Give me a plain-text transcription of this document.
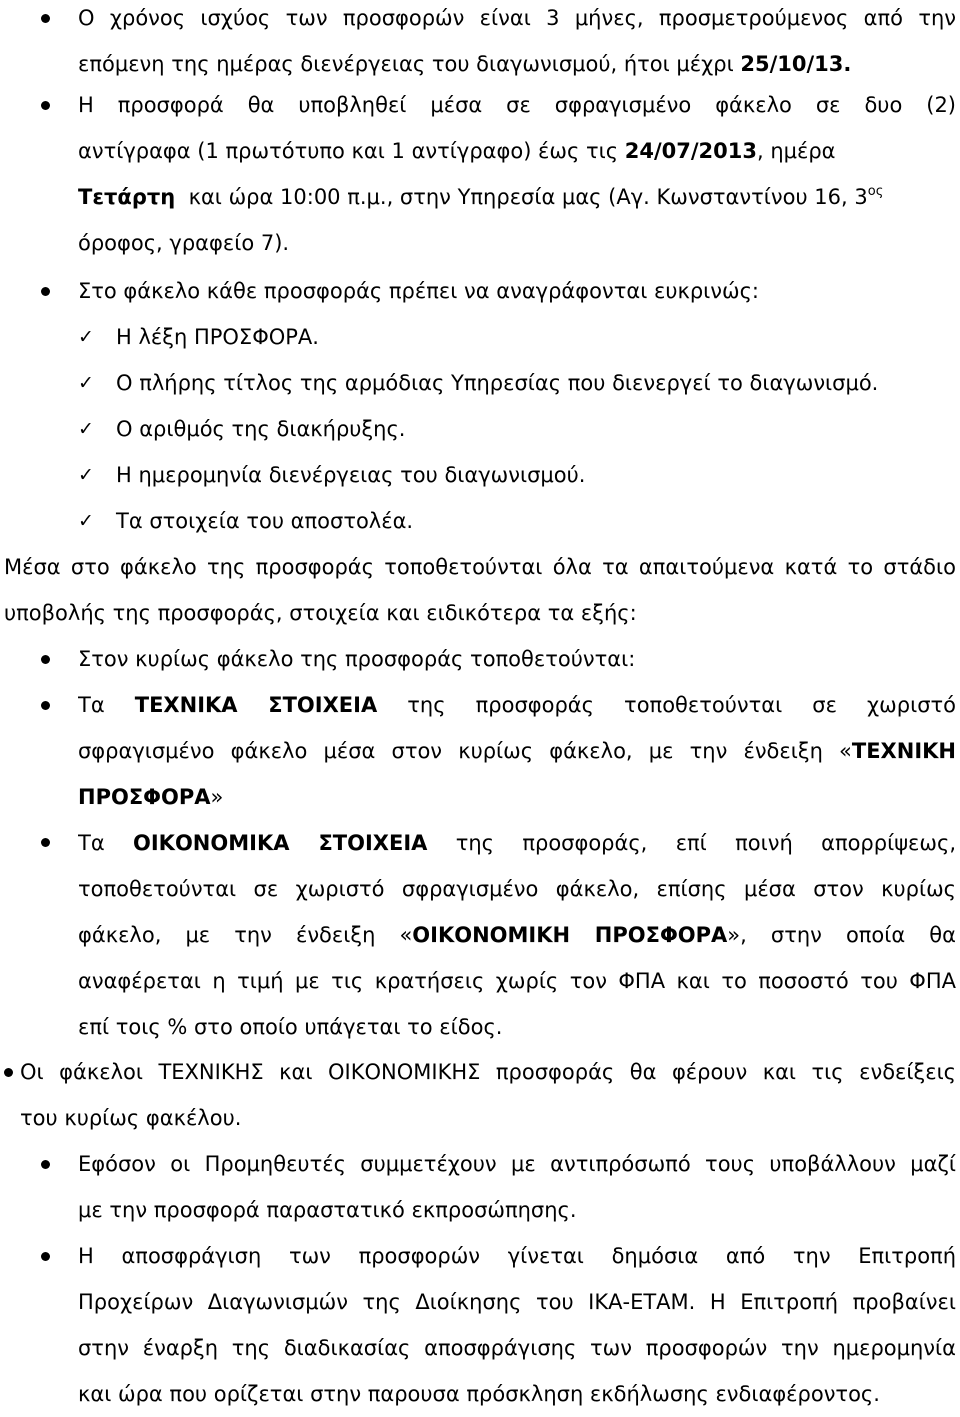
Ο χρόνος ισχύος των προσφορών είναι 3 μήνες, προσμετρούμενος από την
επόμενη της ημέρας διενέργειας του διαγωνισμού, ήτοι μέχρι 25/10/13.
Η προσφορά θα υποβληθεί μέσα σε σφραγισμένο φάκελο σε δυο (2)
αντίγραφα (1 πρωτότυπο και 1 αντίγραφο) έως τις 24/07/2013, ημέρα
Τετάρτη  και ώρα 10:00 π.μ., στην Υπηρεσία μας (Αγ. Κωνσταντίνου 16, $3^{o\varsigma}$
όροφος, γραφείο 7).
Στο φάκελο κάθε προσφοράς πρέπει να αναγράφονται ευκρινώς:
✓ Η λέξη ΠΡΟΣΦΟΡΑ.
✓ Ο πλήρης τίτλος της αρμόδιας Υπηρεσίας που διενεργεί το διαγωνισμό.
✓ Ο αριθμός της διακήρυξης.
✓ Η ημερομηνία διενέργειας του διαγωνισμού.
✓ Τα στοιχεία του αποστολέα.
Μέσα στο φάκελο της προσφοράς τοποθετούνται όλα τα απαιτούμενα κατά το στάδιο
υποβολής της προσφοράς, στοιχεία και ειδικότερα τα εξής:
Στον κυρίως φάκελο της προσφοράς τοποθετούνται:
Τα ΤΕΧΝΙΚΑ ΣΤΟΙΧΕΙΑ της προσφοράς τοποθετούνται σε χωριστό
σφραγισμένο φάκελο μέσα στον κυρίως φάκελο, με την ένδειξη «ΤΕΧΝΙΚΗ
ΠΡΟΣΦΟΡΑ»
Τα ΟΙΚΟΝΟΜΙΚΑ ΣΤΟΙΧΕΙΑ της προσφοράς, επί ποινή απορρίψεως,
τοποθετούνται σε χωριστό σφραγισμένο φάκελο, επίσης μέσα στον κυρίως
φάκελο, με την ένδειξη «ΟΙΚΟΝΟΜΙΚΗ ΠΡΟΣΦΟΡΑ», στην οποία θα
αναφέρεται η τιμή με τις κρατήσεις χωρίς τον ΦΠΑ και το ποσοστό του ΦΠΑ
επί τοις % στο οποίο υπάγεται το είδος.
Οι φάκελοι ΤΕΧΝΙΚΗΣ και ΟΙΚΟΝΟΜΙΚΗΣ προσφοράς θα φέρουν και τις ενδείξεις
του κυρίως φακέλου.
Εφόσον οι Προμηθευτές συμμετέχουν με αντιπρόσωπό τους υποβάλλουν μαζί
με την προσφορά παραστατικό εκπροσώπησης.
Η αποσφράγιση των προσφορών γίνεται δημόσια από την Επιτροπή
Προχείρων Διαγωνισμών της Διοίκησης του ΙΚΑ-ΕΤΑΜ. Η Επιτροπή προβαίνει
στην έναρξη της διαδικασίας αποσφράγισης των προσφορών την ημερομηνία
και ώρα που ορίζεται στην παρουσα πρόσκληση εκδήλωσης ενδιαφέροντος.
